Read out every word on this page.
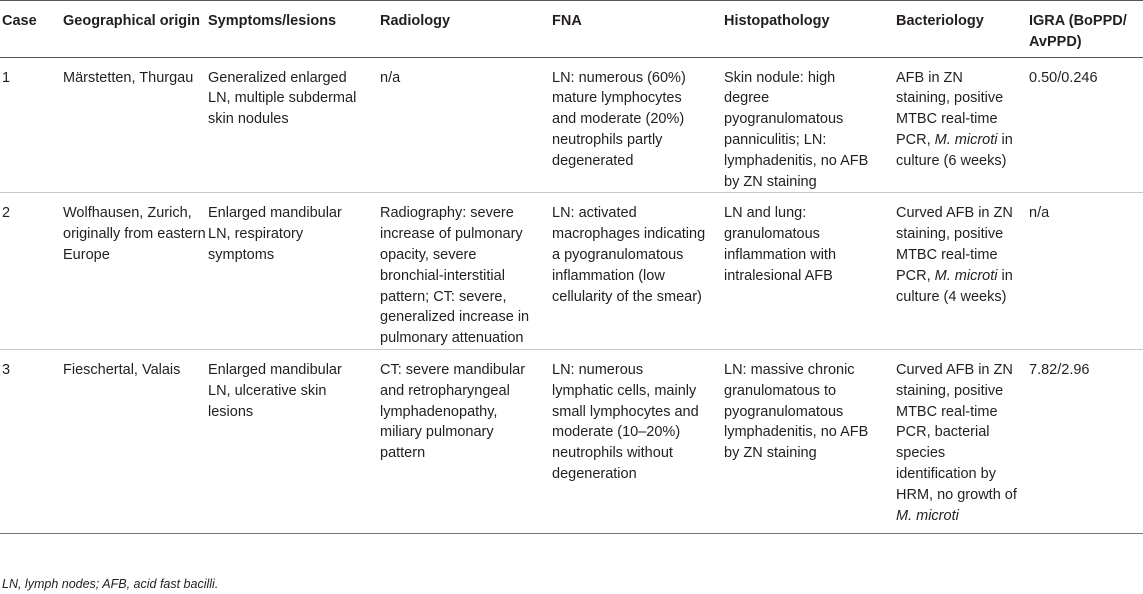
Case	Geographical origin	Symptoms/lesions	Radiology	FNA	Histopathology	Bacteriology	IGRA (BoPPD/ AvPPD)
1	Märstetten, Thurgau	Generalized enlarged LN, multiple subdermal skin nodules	n/a	LN: numerous (60%) mature lymphocytes and moderate (20%) neutrophils partly degenerated	Skin nodule: high degree pyogranulomatous panniculitis; LN: lymphadenitis, no AFB by ZN staining	AFB in ZN staining, positive MTBC real-time PCR, M. microti in culture (6 weeks)	0.50/0.246
2	Wolfhausen, Zurich, originally from eastern Europe	Enlarged mandibular LN, respiratory symptoms	Radiography: severe increase of pulmonary opacity, severe bronchial-interstitial pattern; CT: severe, generalized increase in pulmonary attenuation	LN: activated macrophages indicating a pyogranulomatous inflammation (low cellularity of the smear)	LN and lung: granulomatous inflammation with intralesional AFB	Curved AFB in ZN staining, positive MTBC real-time PCR, M. microti in culture (4 weeks)	n/a
3	Fieschertal, Valais	Enlarged mandibular LN, ulcerative skin lesions	CT: severe mandibular and retropharyngeal lymphadenopathy, miliary pulmonary pattern	LN: numerous lymphatic cells, mainly small lymphocytes and moderate (10–20%) neutrophils without degeneration	LN: massive chronic granulomatous to pyogranulomatous lymphadenitis, no AFB by ZN staining	Curved AFB in ZN staining, positive MTBC real-time PCR, bacterial species identification by HRM, no growth of M. microti	7.82/2.96
LN, lymph nodes; AFB, acid fast bacilli.
